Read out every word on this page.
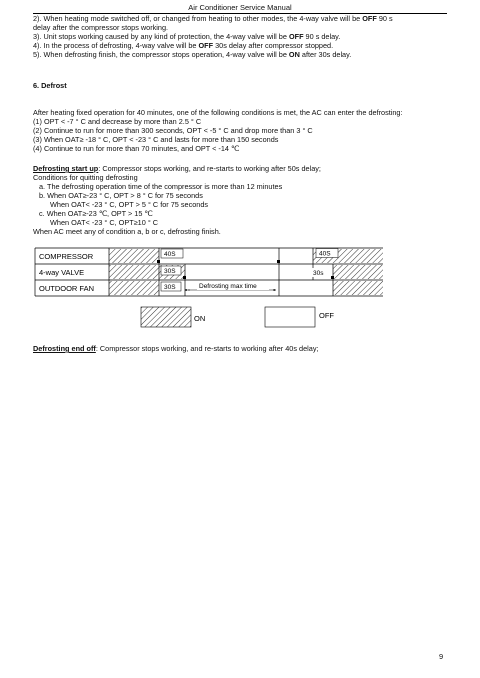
Air Conditioner Service Manual
2). When heating mode switched off, or changed from heating to other modes, the 4-way valve will be OFF 90 s
delay after the compressor stops working.
3). Unit stops working caused by any kind of protection, the 4-way valve will be OFF 90 s delay.
4). In the process of defrosting, 4-way valve will be OFF 30s delay after compressor stopped.
5). When defrosting finish, the compressor stops operation, 4-way valve will be ON after 30s delay.
6. Defrost
After heating fixed operation for 40 minutes, one of the following conditions is met, the AC can enter the defrosting:
(1) OPT < -7 ° C and decrease by more than 2.5 ° C
(2) Continue to run for more than 300 seconds, OPT < -5 ° C and drop more than 3 ° C
(3) When OAT≥ -18 ° C, OPT < -23 ° C and lasts for more than 150 seconds
(4) Continue to run for more than 70 minutes, and OPT < -14 ℃
Defrosting start up: Compressor stops working, and re-starts to working after 50s delay;
Conditions for quitting defrosting
a. The defrosting operation time of the compressor is more than 12 minutes
b. When OAT≥-23 ° C, OPT > 8 ° C for 75 seconds
When OAT< -23 ° C, OPT > 5 ° C for 75 seconds
c. When OAT≥-23 ℃, OPT > 15 ℃
When OAT< -23 ° C, OPT≥10 ° C
When AC meet any of condition a, b or c, defrosting finish.
COMPRESSOR
4-way VALVE
OUTDOOR FAN
40S	40S
30S	30s
30S	Defrosting max time
ON	OFF
Defrosting end off: Compressor stops working, and re-starts to working after 40s delay;
9
